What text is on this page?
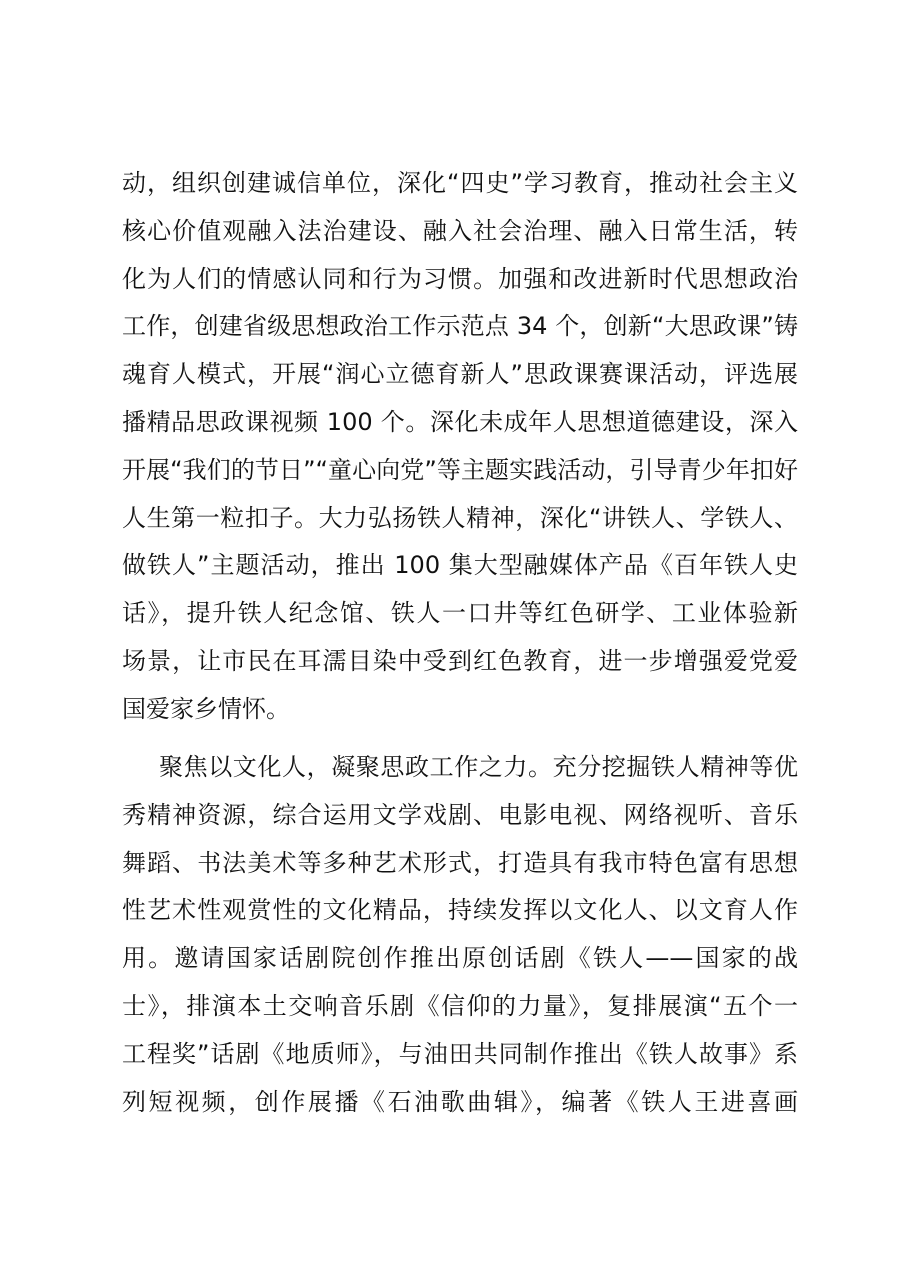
动，组织创建诚信单位，深化“四史”学习教育，推动社会主义
核心价值观融入法治建设、融入社会治理、融入日常生活，转
化为人们的情感认同和行为习惯。加强和改进新时代思想政治
工作，创建省级思想政治工作示范点 34 个，创新“大思政课”铸
魂育人模式，开展“润心立德育新人”思政课赛课活动，评选展
播精品思政课视频 100 个。深化未成年人思想道德建设，深入
开展“我们的节日”“童心向党”等主题实践活动，引导青少年扣好
人生第一粒扣子。大力弘扬铁人精神，深化“讲铁人、学铁人、
做铁人”主题活动，推出 100 集大型融媒体产品《百年铁人史
话》，提升铁人纪念馆、铁人一口井等红色研学、工业体验新
场景，让市民在耳濡目染中受到红色教育，进一步增强爱党爱
国爱家乡情怀。
聚焦以文化人，凝聚思政工作之力。充分挖掘铁人精神等优
秀精神资源，综合运用文学戏剧、电影电视、网络视听、音乐
舞蹈、书法美术等多种艺术形式，打造具有我市特色富有思想
性艺术性观赏性的文化精品，持续发挥以文化人、以文育人作
用。邀请国家话剧院创作推出原创话剧《铁人——国家的战
士》，排演本土交响音乐剧《信仰的力量》，复排展演“五个一
工程奖”话剧《地质师》，与油田共同制作推出《铁人故事》系
列短视频，创作展播《石油歌曲辑》，编著《铁人王进喜画
